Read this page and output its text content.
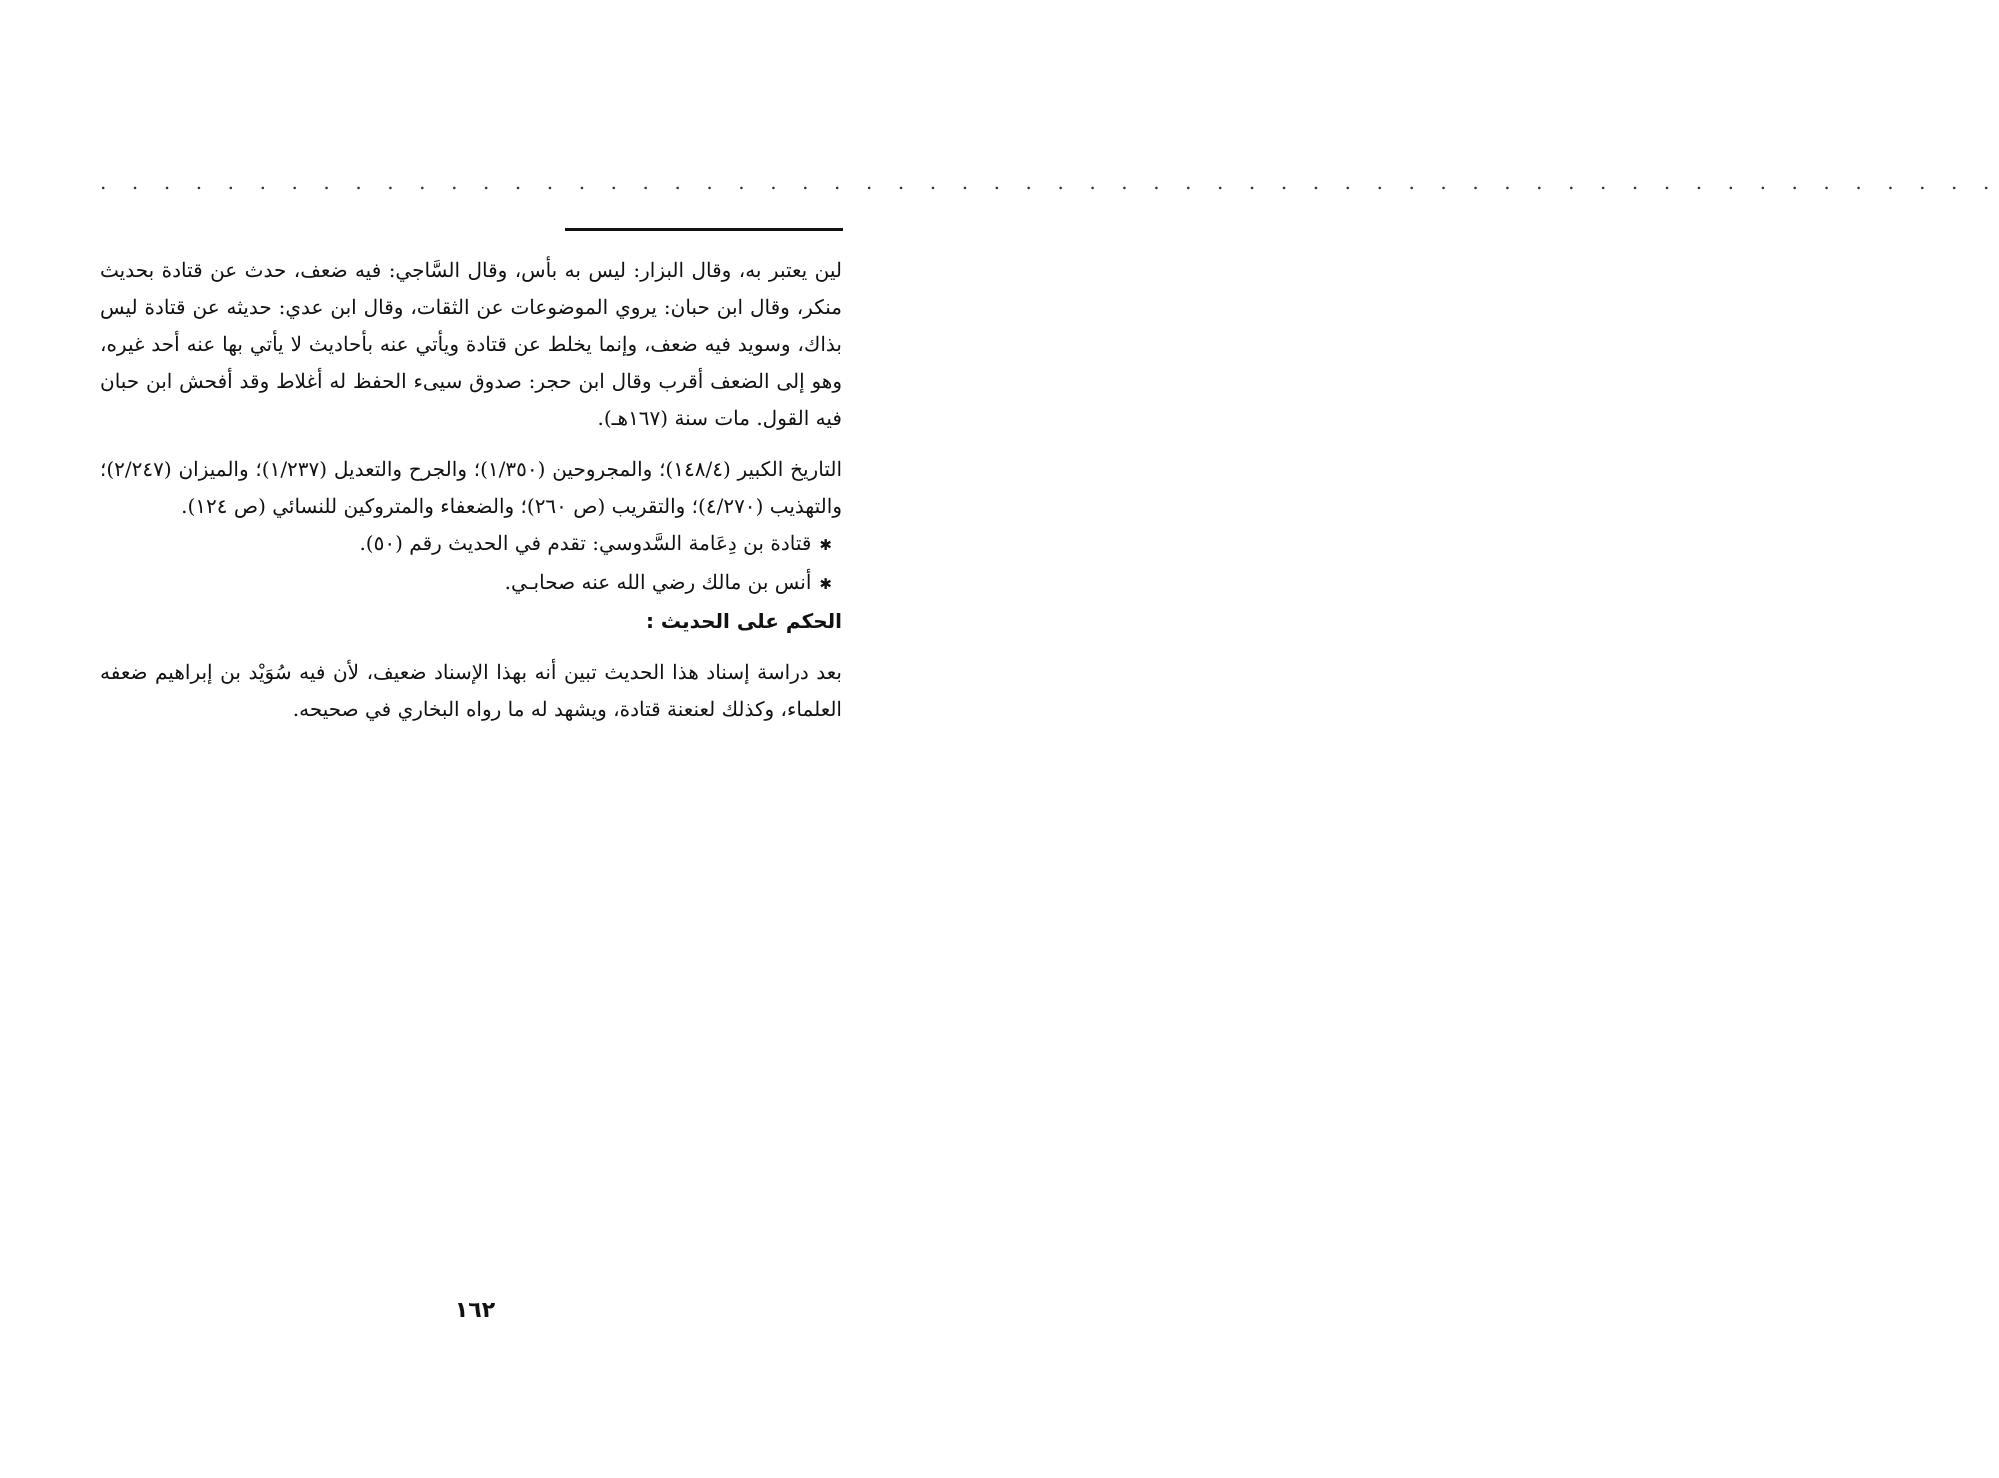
. . . . . . . . . . . . . . . . . . . . . . . . . . . . . . . . . . . . . . . . . . . . . . . . . . . . . . . . . . . .

لين يعتبر به، وقال البزار: ليس به بأس، وقال السَّاجي: فيه ضعف، حدث عن قتادة بحديث منكر، وقال ابن حبان: يروي الموضوعات عن الثقات، وقال ابن عدي: حديثه عن قتادة ليس بذاك، وسويد فيه ضعف، وإنما يخلط عن قتادة ويأتي عنه بأحاديث لا يأتي بها عنه أحد غيره، وهو إلى الضعف أقرب وقال ابن حجر: صدوق سيىء الحفظ له أغلاط وقد أفحش ابن حبان فيه القول. مات سنة (١٦٧هـ).

التاريخ الكبير (١٤٨/٤)؛ والمجروحين (١/٣٥٠)؛ والجرح والتعديل (١/٢٣٧)؛ والميزان (٢/٢٤٧)؛ والتهذيب (٤/٢٧٠)؛ والتقريب (ص ٢٦٠)؛ والضعفاء والمتروكين للنسائي (ص ١٢٤).

✱قتادة بن دِعَامة السَّدوسي: تقدم في الحديث رقم (٥٠).

✱أنس بن مالك رضي الله عنه صحابـي.

الحكم على الحديث :

بعد دراسة إسناد هذا الحديث تبين أنه بهذا الإسناد ضعيف، لأن فيه سُوَيْد بن إبراهيم ضعفه العلماء، وكذلك لعنعنة قتادة، ويشهد له ما رواه البخاري في صحيحه.

١٦٢
